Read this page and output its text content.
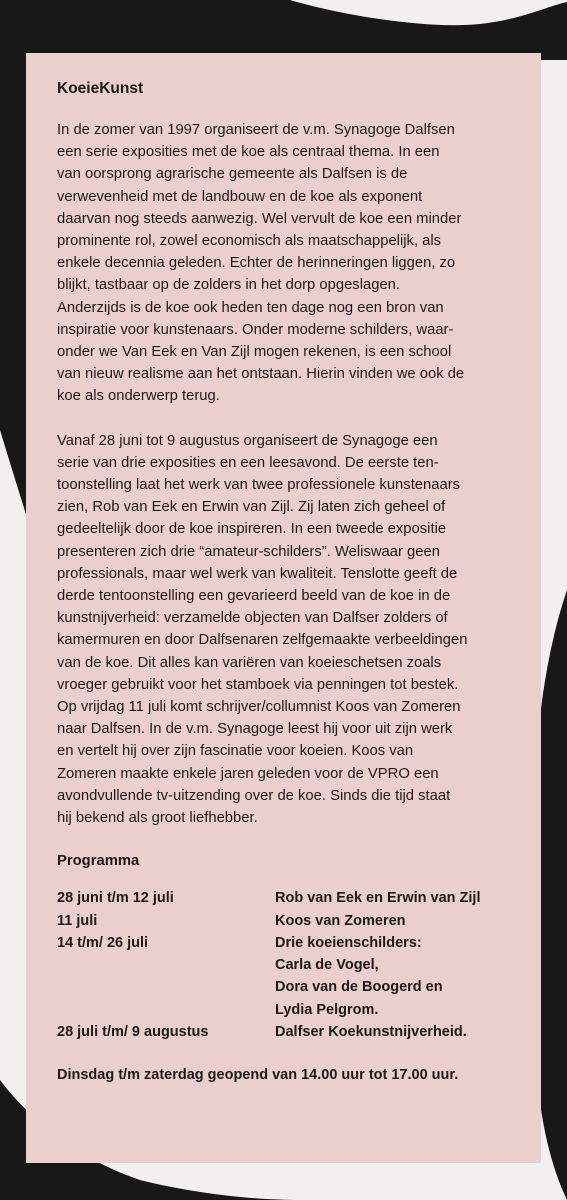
KoeieKunst
In de zomer van 1997 organiseert de v.m. Synagoge Dalfsen
een serie exposities met de koe als centraal thema. In een
van oorsprong agrarische gemeente als Dalfsen is de
verwevenheid met de landbouw en de koe als exponent
daarvan nog steeds aanwezig. Wel vervult de koe een minder
prominente rol, zowel economisch als maatschappelijk, als
enkele decennia geleden. Echter de herinneringen liggen, zo
blijkt, tastbaar op de zolders in het dorp opgeslagen.
Anderzijds is de koe ook heden ten dage nog een bron van
inspiratie voor kunstenaars. Onder moderne schilders, waar-
onder we Van Eek en Van Zijl mogen rekenen, is een school
van nieuw realisme aan het ontstaan. Hierin vinden we ook de
koe als onderwerp terug.
Vanaf 28 juni tot 9 augustus organiseert de Synagoge een
serie van drie exposities en een leesavond. De eerste ten-
toonstelling laat het werk van twee professionele kunstenaars
zien, Rob van Eek en Erwin van Zijl. Zij laten zich geheel of
gedeeltelijk door de koe inspireren. In een tweede expositie
presenteren zich drie “amateur-schilders”. Weliswaar geen
professionals, maar wel werk van kwaliteit. Tenslotte geeft de
derde tentoonstelling een gevarieerd beeld van de koe in de
kunstnijverheid: verzamelde objecten van Dalfser zolders of
kamermuren en door Dalfsenaren zelfgemaakte verbeeldingen
van de koe. Dit alles kan variëren van koeieschetsen zoals
vroeger gebruikt voor het stamboek via penningen tot bestek.
Op vrijdag 11 juli komt schrijver/collumnist Koos van Zomeren
naar Dalfsen. In de v.m. Synagoge leest hij voor uit zijn werk
en vertelt hij over zijn fascinatie voor koeien. Koos van
Zomeren maakte enkele jaren geleden voor de VPRO een
avondvullende tv-uitzending over de koe. Sinds die tijd staat
hij bekend als groot liefhebber.
Programma
28 juni t/m 12 juli	Rob van Eek en Erwin van Zijl
11 juli	Koos van Zomeren
14 t/m/ 26 juli	Drie koeienschilders:
Carla de Vogel,
Dora van de Boogerd en
Lydia Pelgrom.
28 juli t/m/ 9 augustus	Dalfser Koekunstnijverheid.
Dinsdag t/m zaterdag geopend van 14.00 uur tot 17.00 uur.
